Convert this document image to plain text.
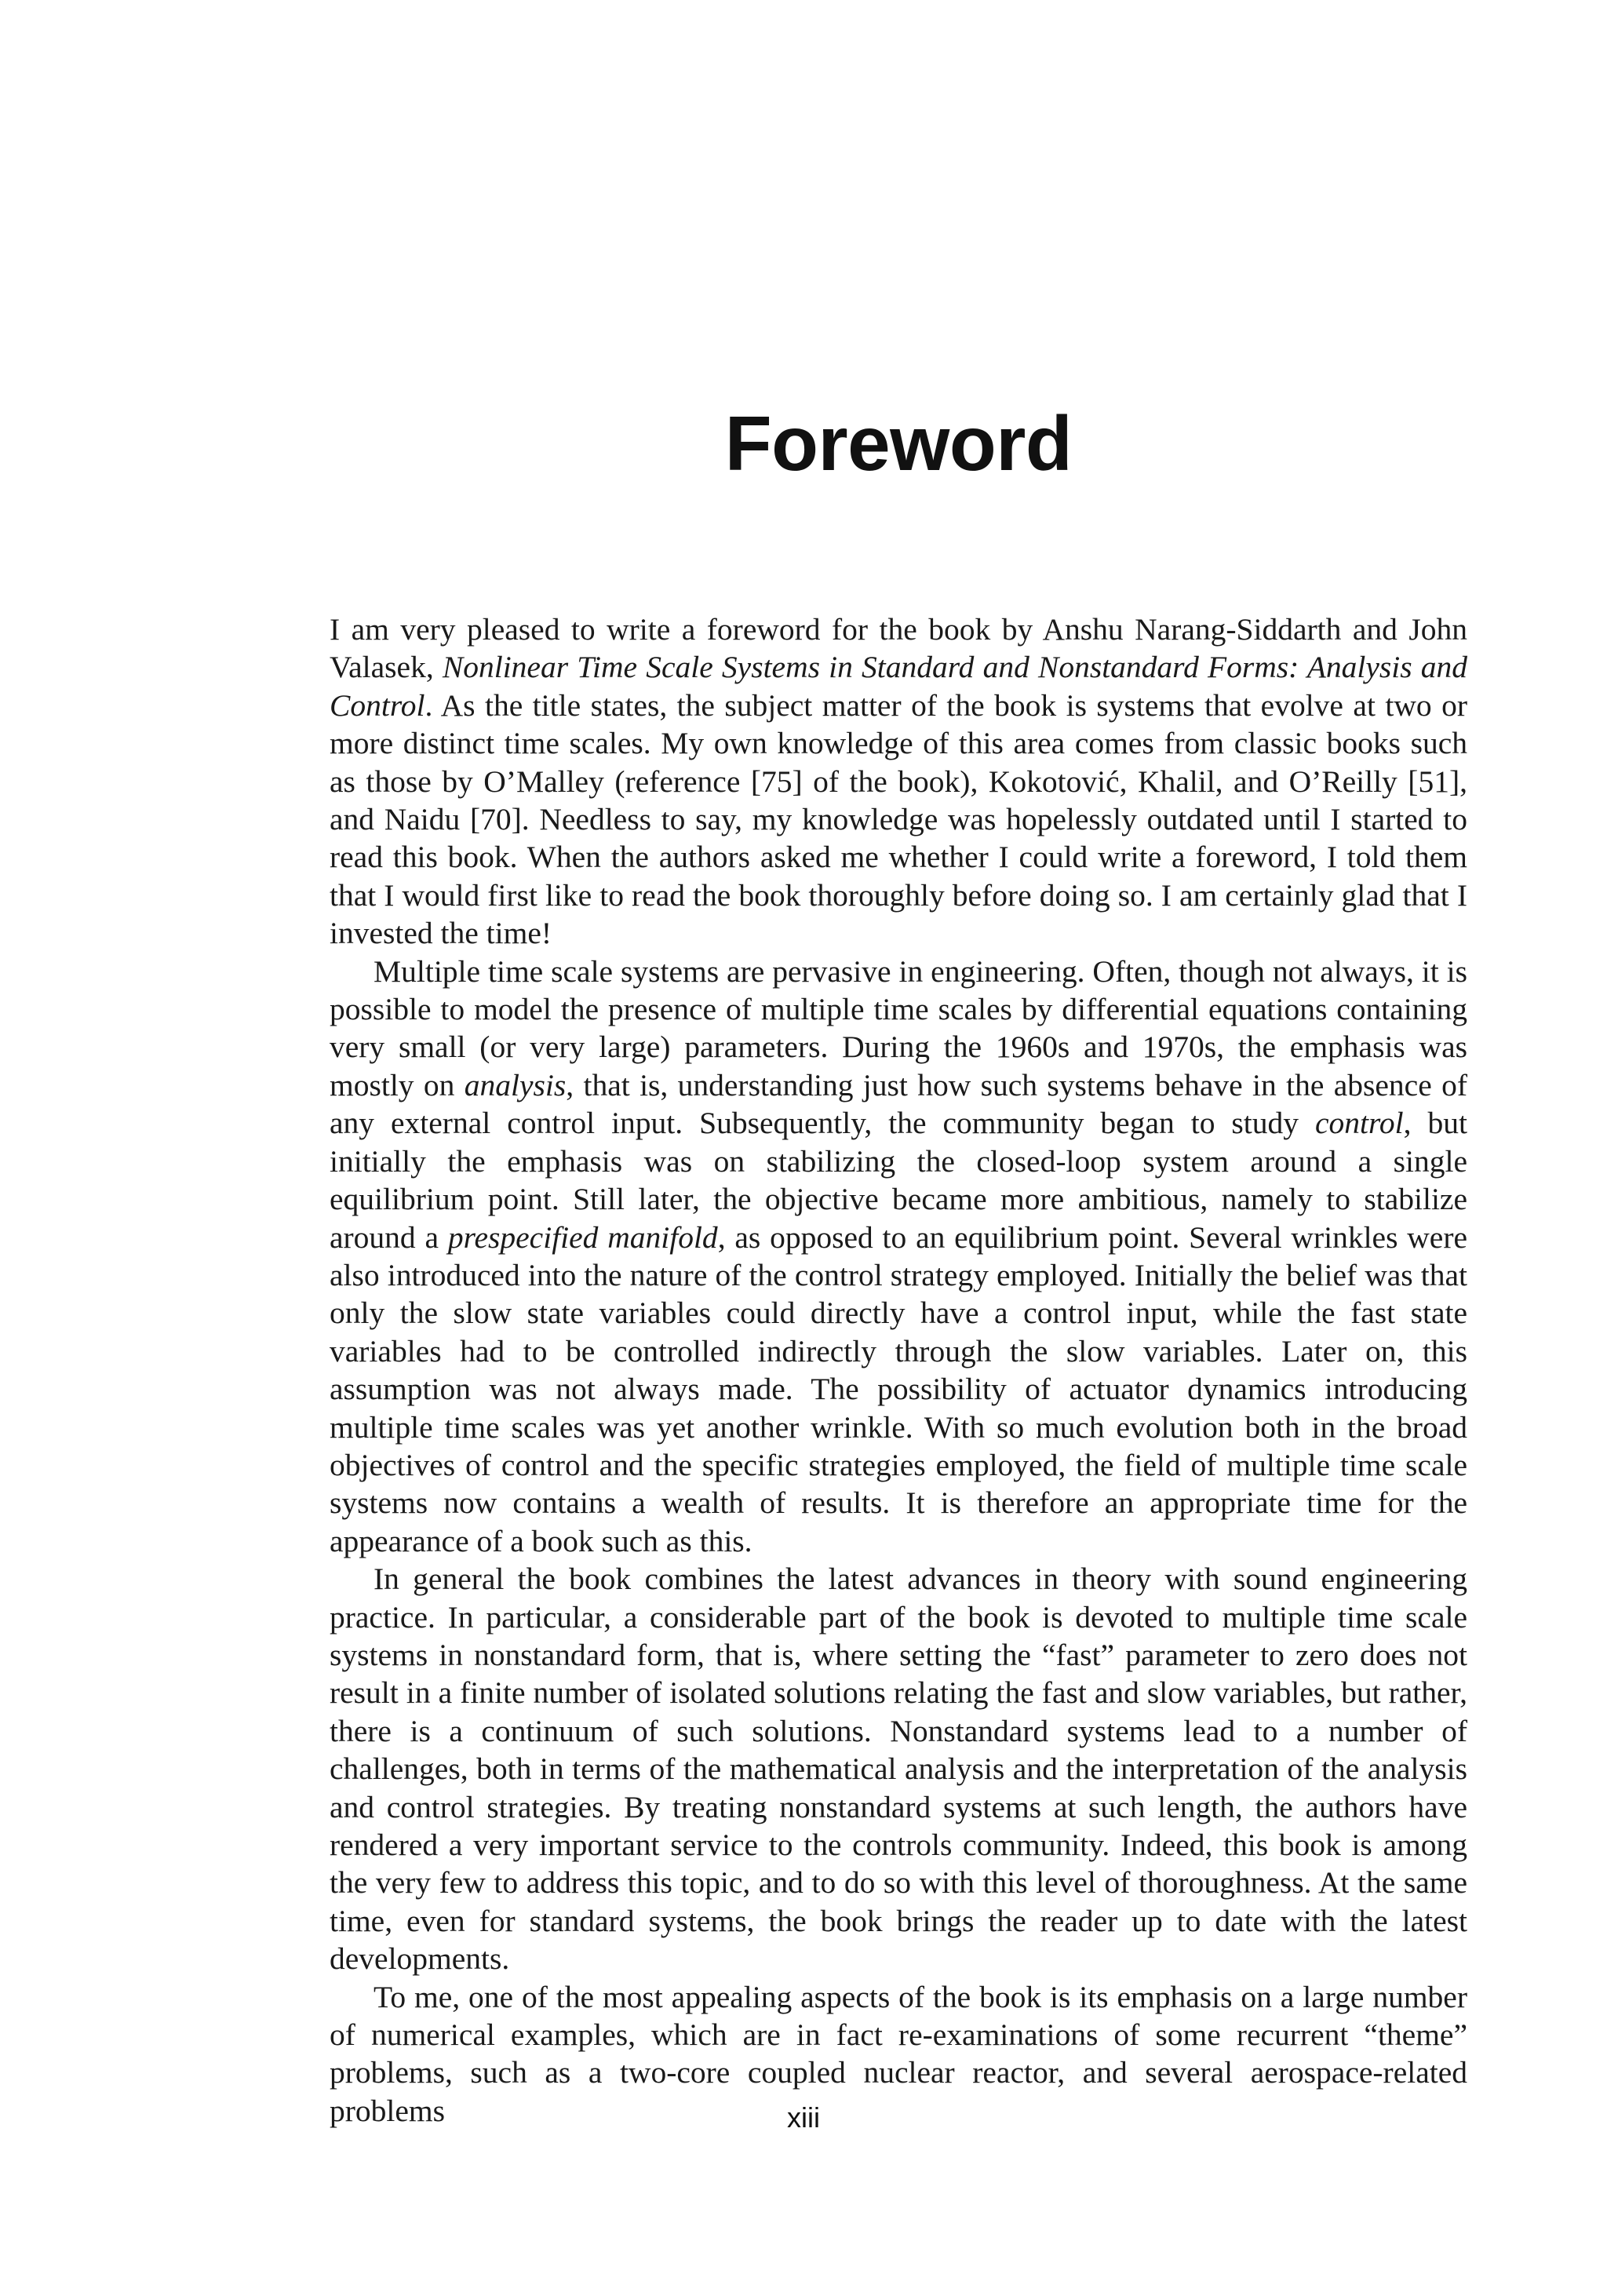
Foreword

I am very pleased to write a foreword for the book by Anshu Narang-Siddarth and John Valasek, Nonlinear Time Scale Systems in Standard and Nonstandard Forms: Analysis and Control. As the title states, the subject matter of the book is systems that evolve at two or more distinct time scales. My own knowledge of this area comes from classic books such as those by O’Malley (reference [75] of the book), Kokotović, Khalil, and O’Reilly [51], and Naidu [70]. Needless to say, my knowledge was hopelessly outdated until I started to read this book. When the authors asked me whether I could write a foreword, I told them that I would first like to read the book thoroughly before doing so. I am certainly glad that I invested the time!

Multiple time scale systems are pervasive in engineering. Often, though not always, it is possible to model the presence of multiple time scales by differential equations containing very small (or very large) parameters. During the 1960s and 1970s, the emphasis was mostly on analysis, that is, understanding just how such systems behave in the absence of any external control input. Subsequently, the community began to study control, but initially the emphasis was on stabilizing the closed-loop system around a single equilibrium point. Still later, the objective became more ambitious, namely to stabilize around a prespecified manifold, as opposed to an equilibrium point. Several wrinkles were also introduced into the nature of the control strategy employed. Initially the belief was that only the slow state variables could directly have a control input, while the fast state variables had to be controlled indirectly through the slow variables. Later on, this assumption was not always made. The possibility of actuator dynamics introducing multiple time scales was yet another wrinkle. With so much evolution both in the broad objectives of control and the specific strategies employed, the field of multiple time scale systems now contains a wealth of results. It is therefore an appropriate time for the appearance of a book such as this.

In general the book combines the latest advances in theory with sound engineering practice. In particular, a considerable part of the book is devoted to multiple time scale systems in nonstandard form, that is, where setting the “fast” parameter to zero does not result in a finite number of isolated solutions relating the fast and slow variables, but rather, there is a continuum of such solutions. Nonstandard systems lead to a number of challenges, both in terms of the mathematical analysis and the interpretation of the analysis and control strategies. By treating nonstandard systems at such length, the authors have rendered a very important service to the controls community. Indeed, this book is among the very few to address this topic, and to do so with this level of thoroughness. At the same time, even for standard systems, the book brings the reader up to date with the latest developments.

To me, one of the most appealing aspects of the book is its emphasis on a large number of numerical examples, which are in fact re-examinations of some recurrent “theme” problems, such as a two-core coupled nuclear reactor, and several aerospace-related problems	xiii
